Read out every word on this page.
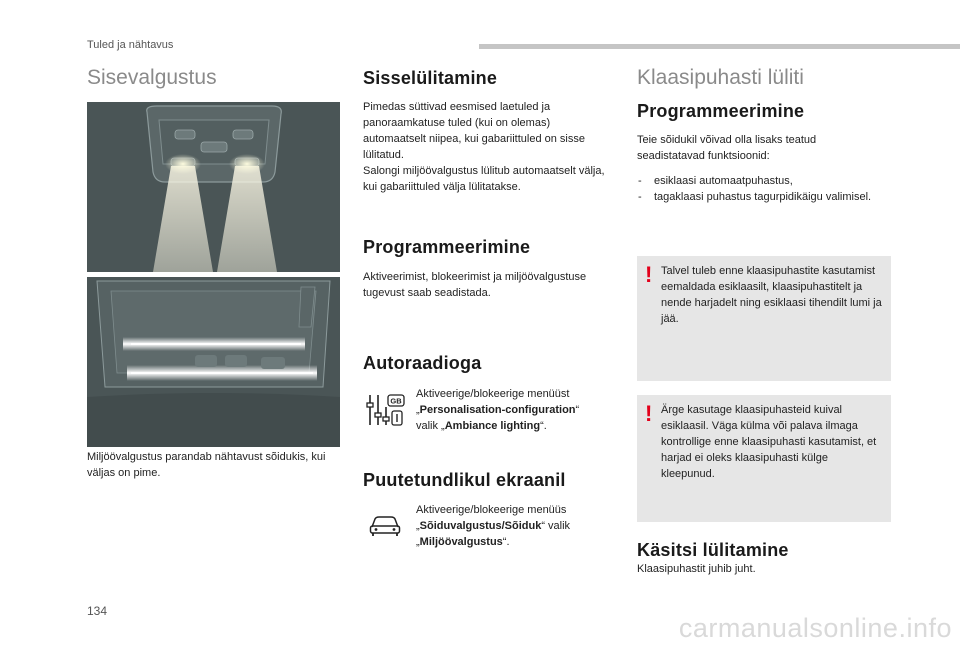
Tuled ja nähtavus
Sisevalgustus

Miljöövalgustus parandab nähtavust sõidukis, kui väljas on pime.

Sisselülitamine

Pimedas süttivad eesmised laetuled ja panoraamkatuse tuled (kui on olemas) automaatselt niipea, kui gabariittuled on sisse lülitatud.

Salongi miljöövalgustus lülitub automaatselt välja, kui gabariittuled välja lülitatakse.

Programmeerimine

Aktiveerimist, blokeerimist ja miljöövalgustuse tugevust saab seadistada.

Autoraadioga
GB

Aktiveerige/blokeerige menüüst
„Personalisation-configuration“
valik „Ambiance lighting“.

Puutetundlikul ekraanil

Aktiveerige/blokeerige menüüs
„Sõiduvalgustus/Sõiduk“ valik
„Miljöövalgustus“.

Klaasipuhasti lüliti
Programmeerimine

Teie sõidukil võivad olla lisaks teatud seadistatavad funktsioonid:

- esiklaasi automaatpuhastus,
- tagaklaasi puhastus tagurpidikäigu valimisel.
! Talvel tuleb enne klaasipuhastite kasutamist eemaldada esiklaasilt, klaasipuhastitelt ja nende harjadelt ning esiklaasi tihendilt lumi ja jää.

! Ärge kasutage klaasipuhasteid kuival esiklaasil. Väga külma või palava ilmaga kontrollige enne klaasipuhasti kasutamist, et harjad ei oleks klaasipuhasti külge kleepunud.

Käsitsi lülitamine

Klaasipuhastit juhib juht.

134
carmanualsonline.info
